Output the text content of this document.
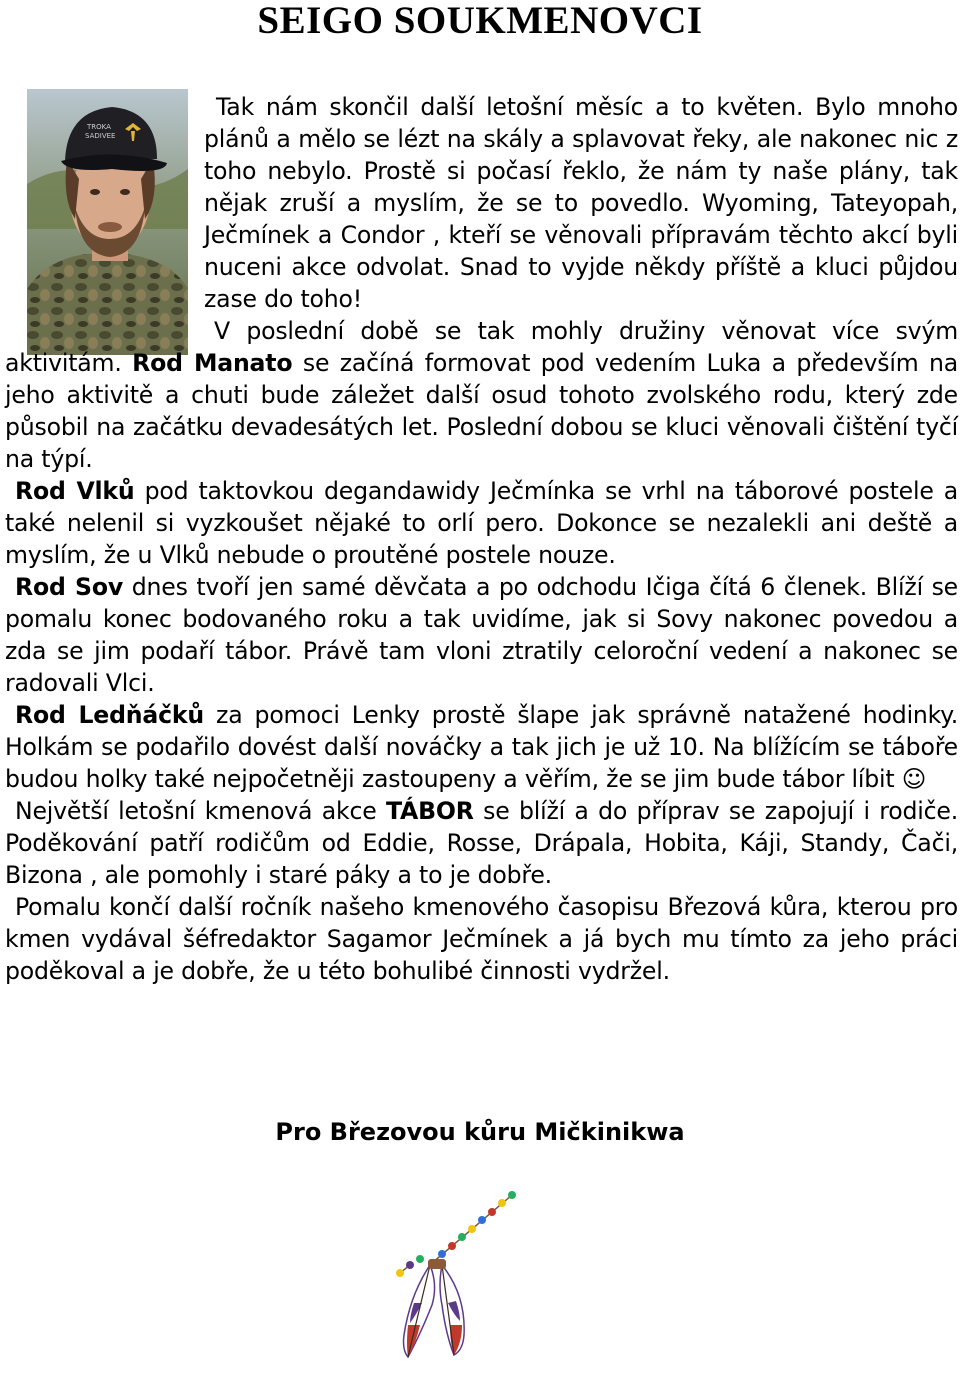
SEIGO SOUKMENOVCI
TROKA
SADIVEE

Tak nám skončil další letošní měsíc a to květen. Bylo mnoho plánů a mělo se lézt na skály a splavovat řeky, ale nakonec nic z toho nebylo. Prostě si počasí řeklo, že nám ty naše plány, tak nějak zruší a myslím, že se to povedlo. Wyoming, Tateyopah, Ječmínek a Condor , kteří se věnovali přípravám těchto akcí byli nuceni akce odvolat. Snad to vyjde někdy příště a kluci půjdou zase do toho!

V poslední době se tak mohly družiny věnovat více svým aktivitám. Rod Manato se začíná formovat pod vedením Luka a především na jeho aktivitě a chuti bude záležet další osud tohoto zvolského rodu, který zde působil na začátku devadesátých let. Poslední dobou se kluci věnovali čištění tyčí na týpí.

Rod Vlků pod taktovkou degandawidy Ječmínka se vrhl na táborové postele a také nelenil si vyzkoušet nějaké to orlí pero. Dokonce se nezalekli ani deště a myslím, že u Vlků nebude o proutěné postele nouze.

Rod Sov dnes tvoří jen samé děvčata a po odchodu Ičiga čítá 6 členek. Blíží se pomalu konec bodovaného roku a tak uvidíme, jak si Sovy nakonec povedou a zda se jim podaří tábor. Právě tam vloni ztratily celoroční vedení a nakonec se radovali Vlci.

Rod Ledňáčků za pomoci Lenky prostě šlape jak správně natažené hodinky. Holkám se podařilo dovést další nováčky a tak jich je už 10. Na blížícím se táboře budou holky také nejpočetněji zastoupeny a věřím, že se jim bude tábor líbit ☺

Největší letošní kmenová akce TÁBOR se blíží a do příprav se zapojují i rodiče. Poděkování patří rodičům od Eddie, Rosse, Drápala, Hobita, Káji, Standy, Čači, Bizona , ale pomohly i staré páky a to je dobře.

Pomalu končí další ročník našeho kmenového časopisu Březová kůra, kterou pro kmen vydával šéfredaktor Sagamor Ječmínek a já bych mu tímto za jeho práci poděkoval a je dobře, že u této bohulibé činnosti vydržel.

Pro Březovou kůru Mičkinikwa
